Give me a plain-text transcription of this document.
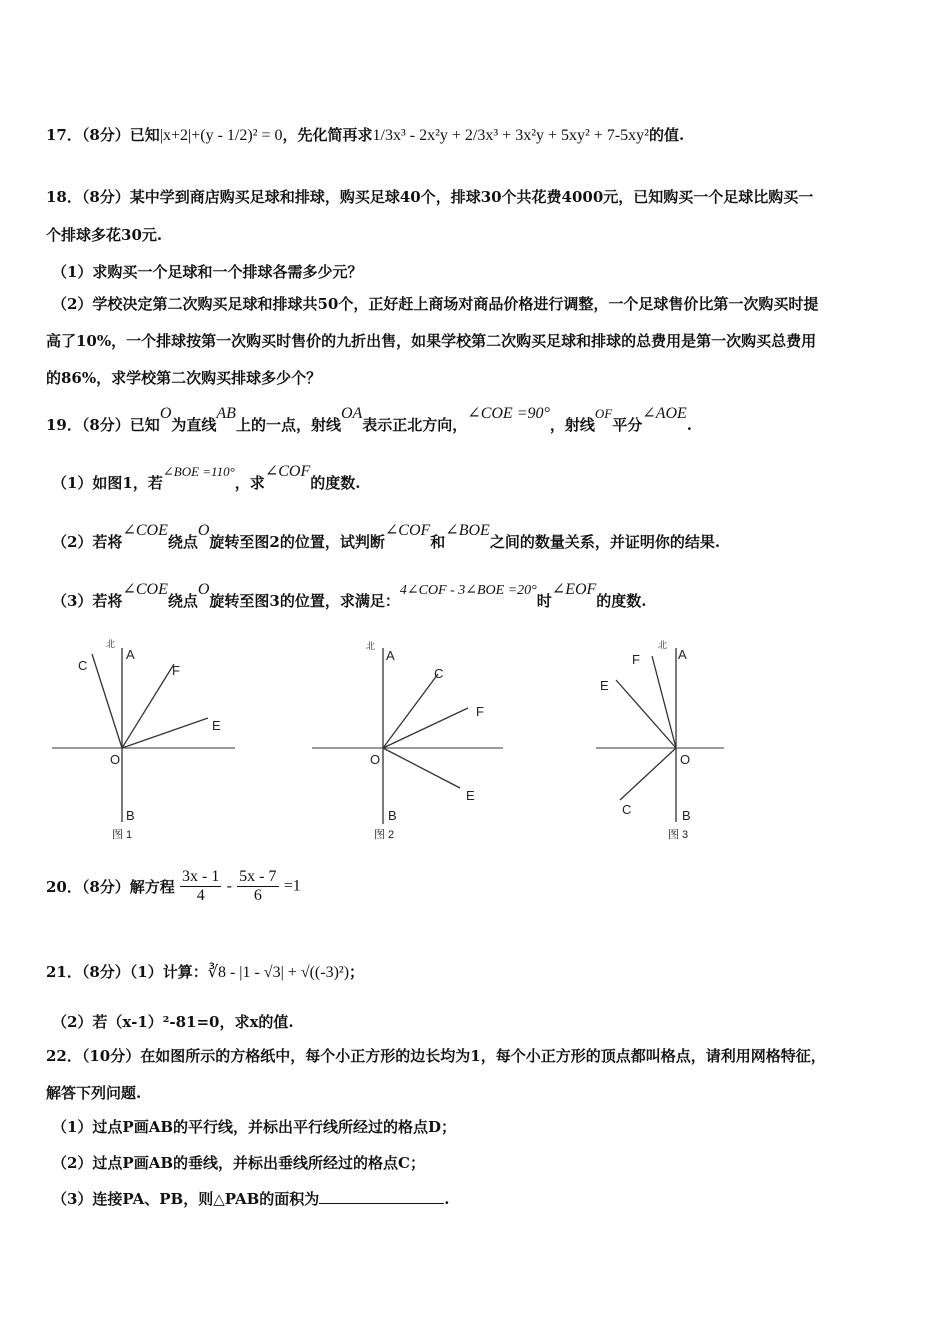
17．（8分）已知|x+2|+(y - 1/2)² = 0，先化简再求1/3x³ - 2x²y + 2/3x³ + 3x²y + 5xy² + 7-5xy²的值.
18．（8分）某中学到商店购买足球和排球，购买足球40个，排球30个共花费4000元，已知购买一个足球比购买一
个排球多花30元.
（1）求购买一个足球和一个排球各需多少元？
（2）学校决定第二次购买足球和排球共50个，正好赶上商场对商品价格进行调整，一个足球售价比第一次购买时提
高了10%，一个排球按第一次购买时售价的九折出售，如果学校第二次购买足球和排球的总费用是第一次购买总费用
的86%，求学校第二次购买排球多少个？
19．（8分）已知O为直线AB上的一点，射线OA表示正北方向，∠COE =90°，射线OF平分∠AOE.
（1）如图1，若∠BOE =110°，求∠COF的度数.
（2）若将∠COE绕点O旋转至图2的位置，试判断∠COF和∠BOE之间的数量关系，并证明你的结果.
（3）若将∠COE绕点O旋转至图3的位置，求满足：4∠COF - 3∠BOE =20°时∠EOF的度数.
北
A
C	F
E
O
B
图 1
北
A
C
F
E
O
B
图 2
北
A
F
E
O
C	B
图 3
20．（8分）解方程 $\frac{3x - 1}{4} - \frac{5x - 7}{6} =1$
21．（8分）（1）计算：∛8 - |1 - √3| + √((-3)²)；
（2）若（x-1）²-81=0，求x的值.
22．（10分）在如图所示的方格纸中，每个小正方形的边长均为1，每个小正方形的顶点都叫格点，请利用网格特征，
解答下列问题.
（1）过点P画AB的平行线，并标出平行线所经过的格点D；
（2）过点P画AB的垂线，并标出垂线所经过的格点C；
（3）连接PA、PB，则△PAB的面积为	.
